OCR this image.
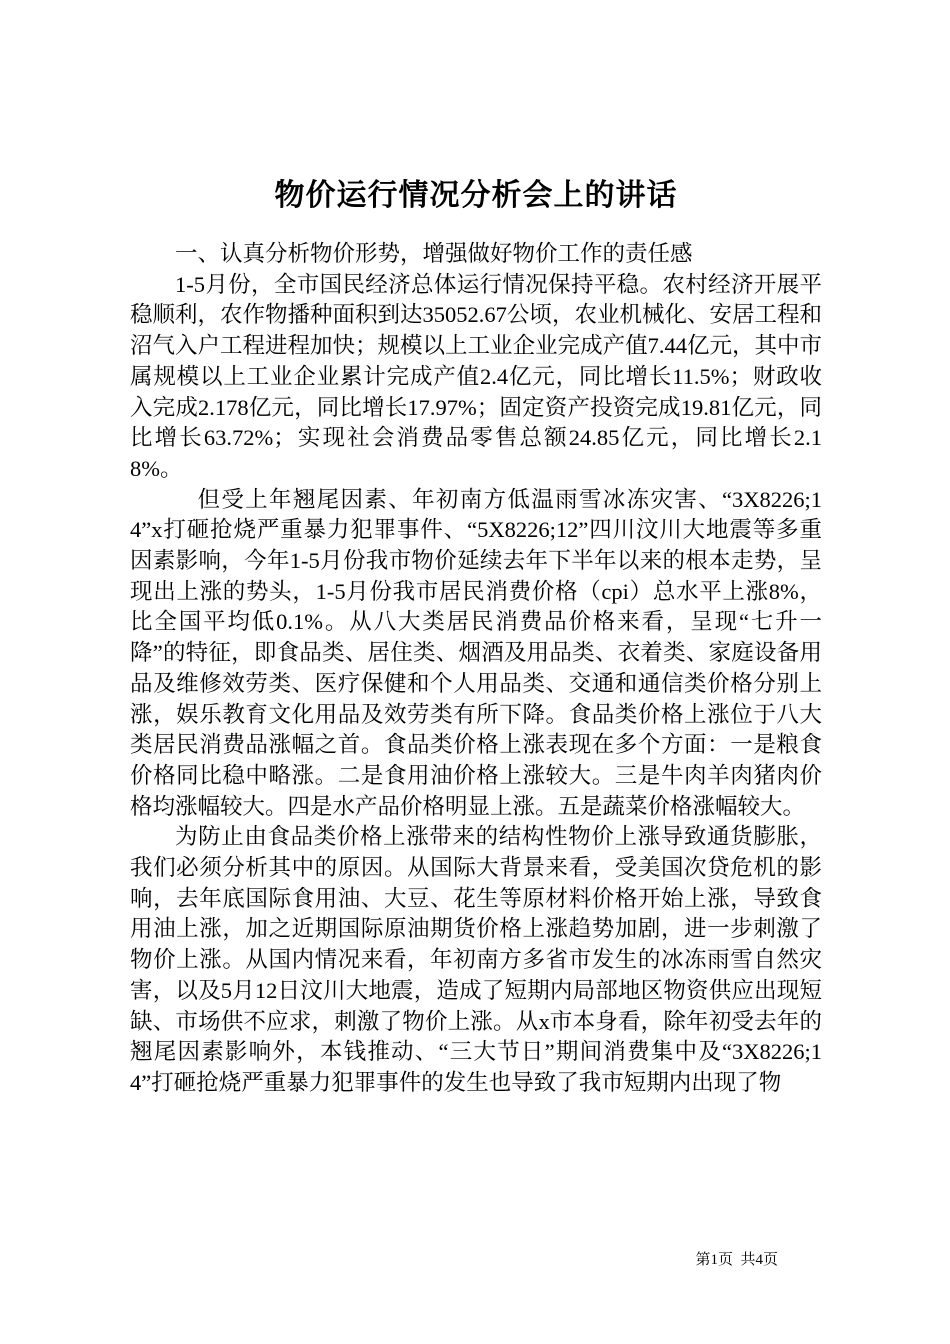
物价运行情况分析会上的讲话

一、认真分析物价形势，增强做好物价工作的责任感

1-5月份，全市国民经济总体运行情况保持平稳。农村经济开展平稳顺利，农作物播种面积到达35052.67公顷，农业机械化、安居工程和沼气入户工程进程加快；规模以上工业企业完成产值7.44亿元，其中市属规模以上工业企业累计完成产值2.4亿元，同比增长11.5%；财政收入完成2.178亿元，同比增长17.97%；固定资产投资完成19.81亿元，同比增长63.72%；实现社会消费品零售总额24.85亿元，同比增长2.18%。

但受上年翘尾因素、年初南方低温雨雪冰冻灾害、“3X8226;14”x打砸抢烧严重暴力犯罪事件、“5X8226;12”四川汶川大地震等多重因素影响，今年1-5月份我市物价延续去年下半年以来的根本走势，呈现出上涨的势头，1-5月份我市居民消费价格（cpi）总水平上涨8%，比全国平均低0.1%。从八大类居民消费品价格来看，呈现“七升一降”的特征，即食品类、居住类、烟酒及用品类、衣着类、家庭设备用品及维修效劳类、医疗保健和个人用品类、交通和通信类价格分别上涨，娱乐教育文化用品及效劳类有所下降。食品类价格上涨位于八大类居民消费品涨幅之首。食品类价格上涨表现在多个方面：一是粮食价格同比稳中略涨。二是食用油价格上涨较大。三是牛肉羊肉猪肉价格均涨幅较大。四是水产品价格明显上涨。五是蔬菜价格涨幅较大。

为防止由食品类价格上涨带来的结构性物价上涨导致通货膨胀，我们必须分析其中的原因。从国际大背景来看，受美国次贷危机的影响，去年底国际食用油、大豆、花生等原材料价格开始上涨，导致食用油上涨，加之近期国际原油期货价格上涨趋势加剧，进一步刺激了物价上涨。从国内情况来看，年初南方多省市发生的冰冻雨雪自然灾害，以及5月12日汶川大地震，造成了短期内局部地区物资供应出现短缺、市场供不应求，刺激了物价上涨。从x市本身看，除年初受去年的翘尾因素影响外，本钱推动、“三大节日”期间消费集中及“3X8226;14”打砸抢烧严重暴力犯罪事件的发生也导致了我市短期内出现了物

第1页  共4页
